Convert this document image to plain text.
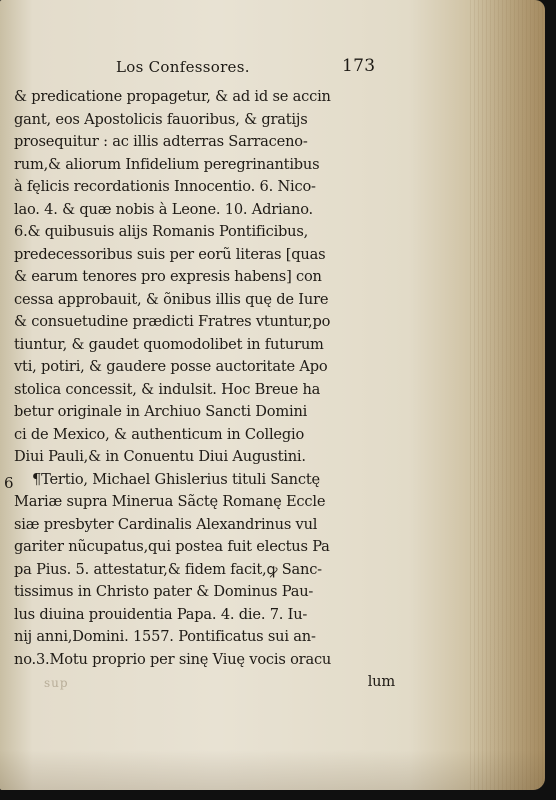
Los Confessores.	173
6
& predicatione propagetur, & ad id se accin
gant, eos Apostolicis fauoribus, & gratijs
prosequitur : ac illis adterras Sarraceno-
rum,& aliorum Infidelium peregrinantibus
à fęlicis recordationis Innocentio. 6. Nico-
lao. 4. & quæ nobis à Leone. 10. Adriano.
6.& quibusuis alijs Romanis Pontificibus,
predecessoribus suis per eorũ literas [quas
& earum tenores pro expresis habens] con
cessa approbauit, & õnibus illis quę de Iure
& consuetudine prædicti Fratres vtuntur,po
tiuntur, & gaudet quomodolibet in futurum
vti, potiri, & gaudere posse auctoritate Apo
stolica concessit, & indulsit. Hoc Breue ha
betur originale in Archiuo Sancti Domini
ci de Mexico, & authenticum in Collegio
Diui Pauli,& in Conuentu Diui Augustini.
¶Tertio, Michael Ghislerius tituli Sanctę
Mariæ supra Minerua Sãctę Romanę Eccle
siæ presbyter Cardinalis Alexandrinus vul
gariter nũcupatus,qui postea fuit electus Pa
pa Pius. 5. attestatur,& fidem facit,ꝙ Sanc-
tissimus in Christo pater & Dominus Pau-
lus diuina prouidentia Papa. 4. die. 7. Iu-
nij anni,Domini. 1557. Pontificatus sui an-
no.3.Motu proprio per sinę Viuę vocis oracu
lum
sup
